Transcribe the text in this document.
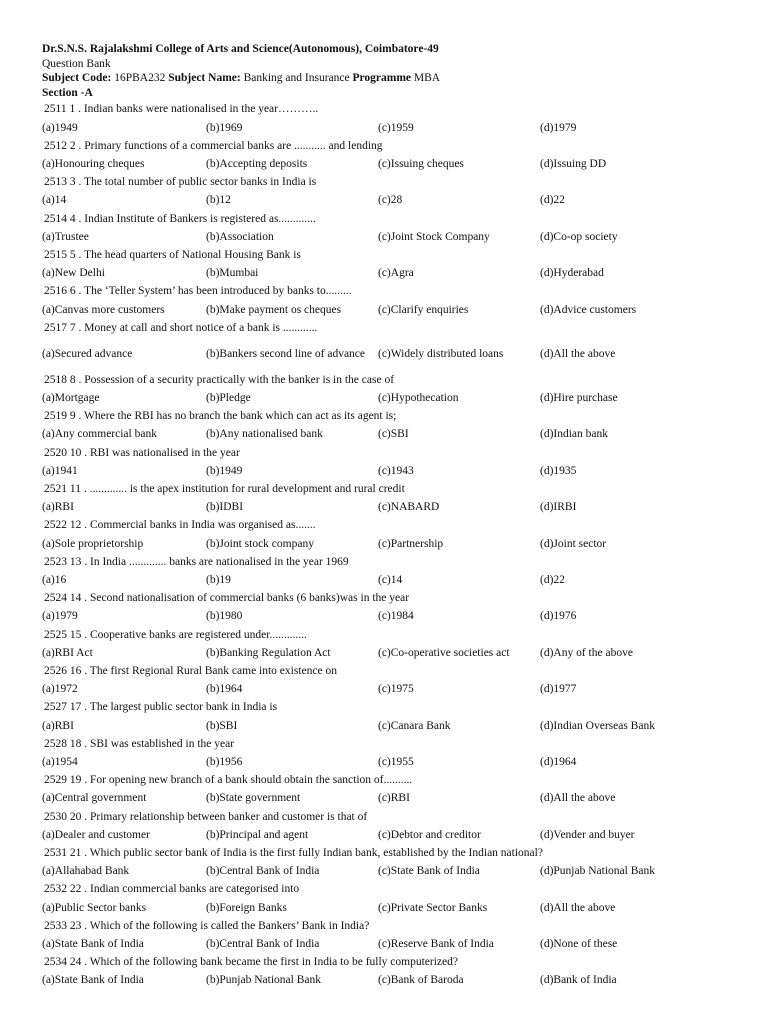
Dr.S.N.S. Rajalakshmi College of Arts and Science(Autonomous), Coimbatore-49
Question Bank
Subject Code: 16PBA232 Subject Name: Banking and Insurance Programme MBA
Section -A
2511 1 . Indian banks were nationalised in the year………..
(a)1949	(b)1969	(c)1959	(d)1979
2512 2 . Primary functions of a commercial banks are ........... and lending
(a)Honouring cheques	(b)Accepting deposits	(c)Issuing cheques	(d)Issuing DD
2513 3 . The total number of public sector banks in India is
(a)14	(b)12	(c)28	(d)22
2514 4 . Indian Institute of Bankers is registered as.............
(a)Trustee	(b)Association	(c)Joint Stock Company	(d)Co-op society
2515 5 . The head quarters of National Housing Bank is
(a)New Delhi	(b)Mumbai	(c)Agra	(d)Hyderabad
2516 6 . The ‘Teller System’ has been introduced by banks to.........
(a)Canvas more customers	(b)Make payment os cheques	(c)Clarify enquiries	(d)Advice customers
2517 7 . Money at call and short notice of a bank is ............
(a)Secured advance	(b)Bankers second line of advance	(c)Widely distributed loans	(d)All the above
2518 8 . Possession of a security practically with the banker is in the case of
(a)Mortgage	(b)Pledge	(c)Hypothecation	(d)Hire purchase
2519 9 . Where the RBI has no branch the bank which can act as its agent is;
(a)Any commercial bank	(b)Any nationalised bank	(c)SBI	(d)Indian bank
2520 10 . RBI was nationalised in the year
(a)1941	(b)1949	(c)1943	(d)1935
2521 11 . ............. is the apex institution for rural development and rural credit
(a)RBI	(b)IDBI	(c)NABARD	(d)IRBI
2522 12 . Commercial banks in India was organised as.......
(a)Sole proprietorship	(b)Joint stock company	(c)Partnership	(d)Joint sector
2523 13 . In India ............. banks are nationalised in the year 1969
(a)16	(b)19	(c)14	(d)22
2524 14 . Second nationalisation of commercial banks (6 banks)was in the year
(a)1979	(b)1980	(c)1984	(d)1976
2525 15 . Cooperative banks are registered under.............
(a)RBI Act	(b)Banking Regulation Act	(c)Co-operative societies act	(d)Any of the above
2526 16 . The first Regional Rural Bank came into existence on
(a)1972	(b)1964	(c)1975	(d)1977
2527 17 . The largest public sector bank in India is
(a)RBI	(b)SBI	(c)Canara Bank	(d)Indian Overseas Bank
2528 18 . SBI was established in the year
(a)1954	(b)1956	(c)1955	(d)1964
2529 19 . For opening new branch of a bank should obtain the sanction of..........
(a)Central government	(b)State government	(c)RBI	(d)All the above
2530 20 . Primary relationship between banker and customer is that of
(a)Dealer and customer	(b)Principal and agent	(c)Debtor and creditor	(d)Vender and buyer
2531 21 . Which public sector bank of India is the first fully Indian bank, established by the Indian national?
(a)Allahabad Bank	(b)Central Bank of India	(c)State Bank of India	(d)Punjab National Bank
2532 22 . Indian commercial banks are categorised into
(a)Public Sector banks	(b)Foreign Banks	(c)Private Sector Banks	(d)All the above
2533 23 . Which of the following is called the Bankers’ Bank in India?
(a)State Bank of India	(b)Central Bank of India	(c)Reserve Bank of India	(d)None of these
2534 24 . Which of the following bank became the first in India to be fully computerized?
(a)State Bank of India	(b)Punjab National Bank	(c)Bank of Baroda	(d)Bank of India
